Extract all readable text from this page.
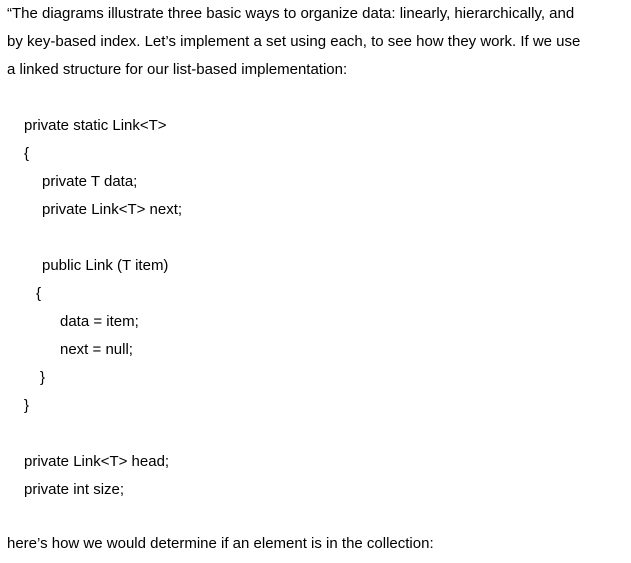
“The diagrams illustrate three basic ways to organize data: linearly, hierarchically, and
by key-based index. Let’s implement a set using each, to see how they work. If we use
a linked structure for our list-based implementation:
private static Link<T>
{
private T data;
private Link<T> next;
public Link (T item)
{
data = item;
next = null;
}
}
private Link<T> head;
private int size;
here’s how we would determine if an element is in the collection:
